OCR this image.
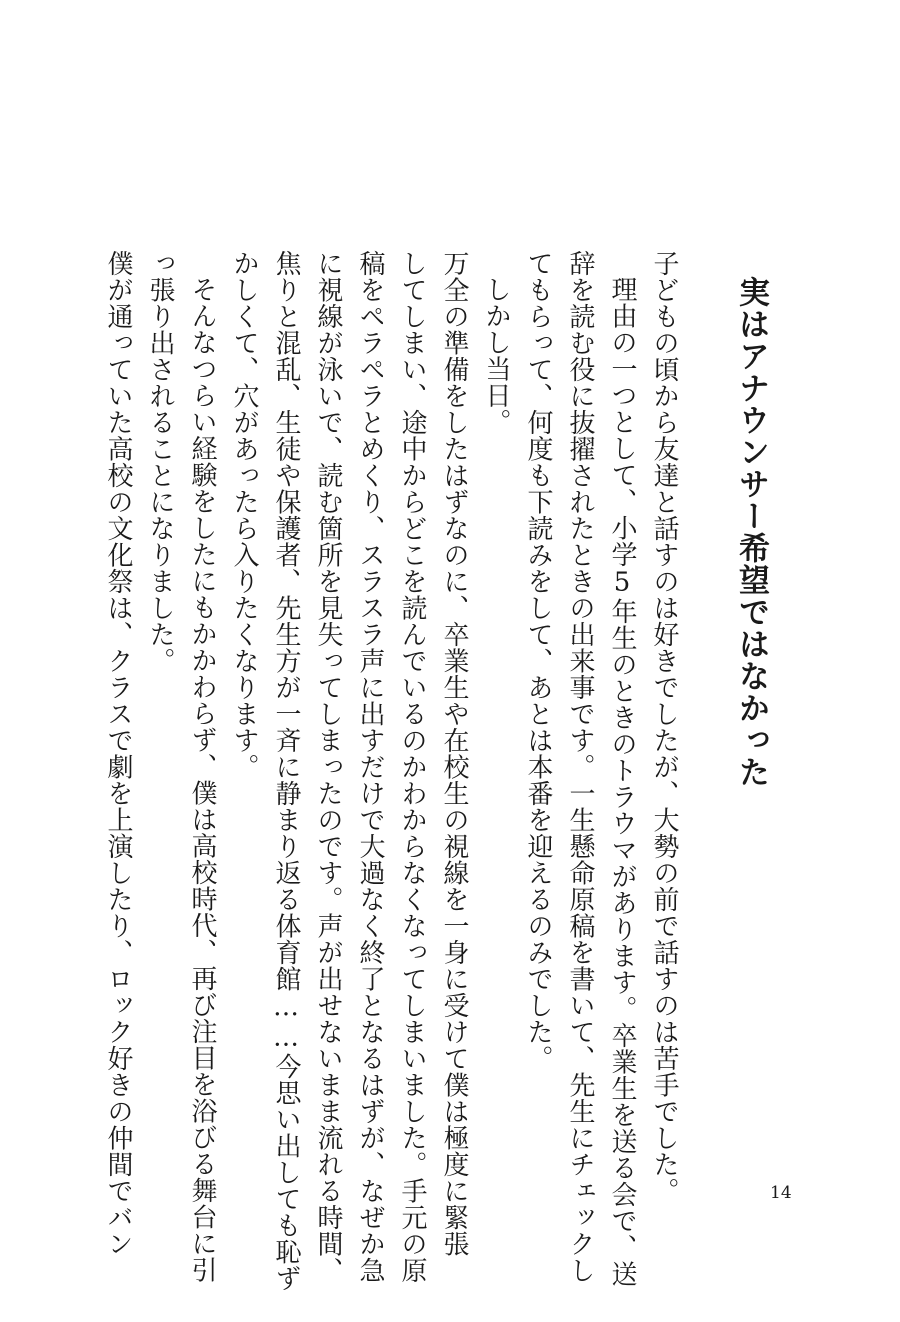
実はアナウンサー希望ではなかった
子どもの頃から友達と話すのは好きでしたが、大勢の前で話すのは苦手でした。
理由の一つとして、小学5年生のときのトラウマがあります。卒業生を送る会で、送
辞を読む役に抜擢されたときの出来事です。一生懸命原稿を書いて、先生にチェックし
てもらって、何度も下読みをして、あとは本番を迎えるのみでした。
しかし当日。
万全の準備をしたはずなのに、卒業生や在校生の視線を一身に受けて僕は極度に緊張
してしまい、途中からどこを読んでいるのかわからなくなってしまいました。手元の原
稿をペラペラとめくり、スラスラ声に出すだけで大過なく終了となるはずが、なぜか急
に視線が泳いで、読む箇所を見失ってしまったのです。声が出せないまま流れる時間、
焦りと混乱、生徒や保護者、先生方が一斉に静まり返る体育館……今思い出しても恥ず
かしくて、穴があったら入りたくなります。
そんなつらい経験をしたにもかかわらず、僕は高校時代、再び注目を浴びる舞台に引
っ張り出されることになりました。
僕が通っていた高校の文化祭は、クラスで劇を上演したり、ロック好きの仲間でバン	14
